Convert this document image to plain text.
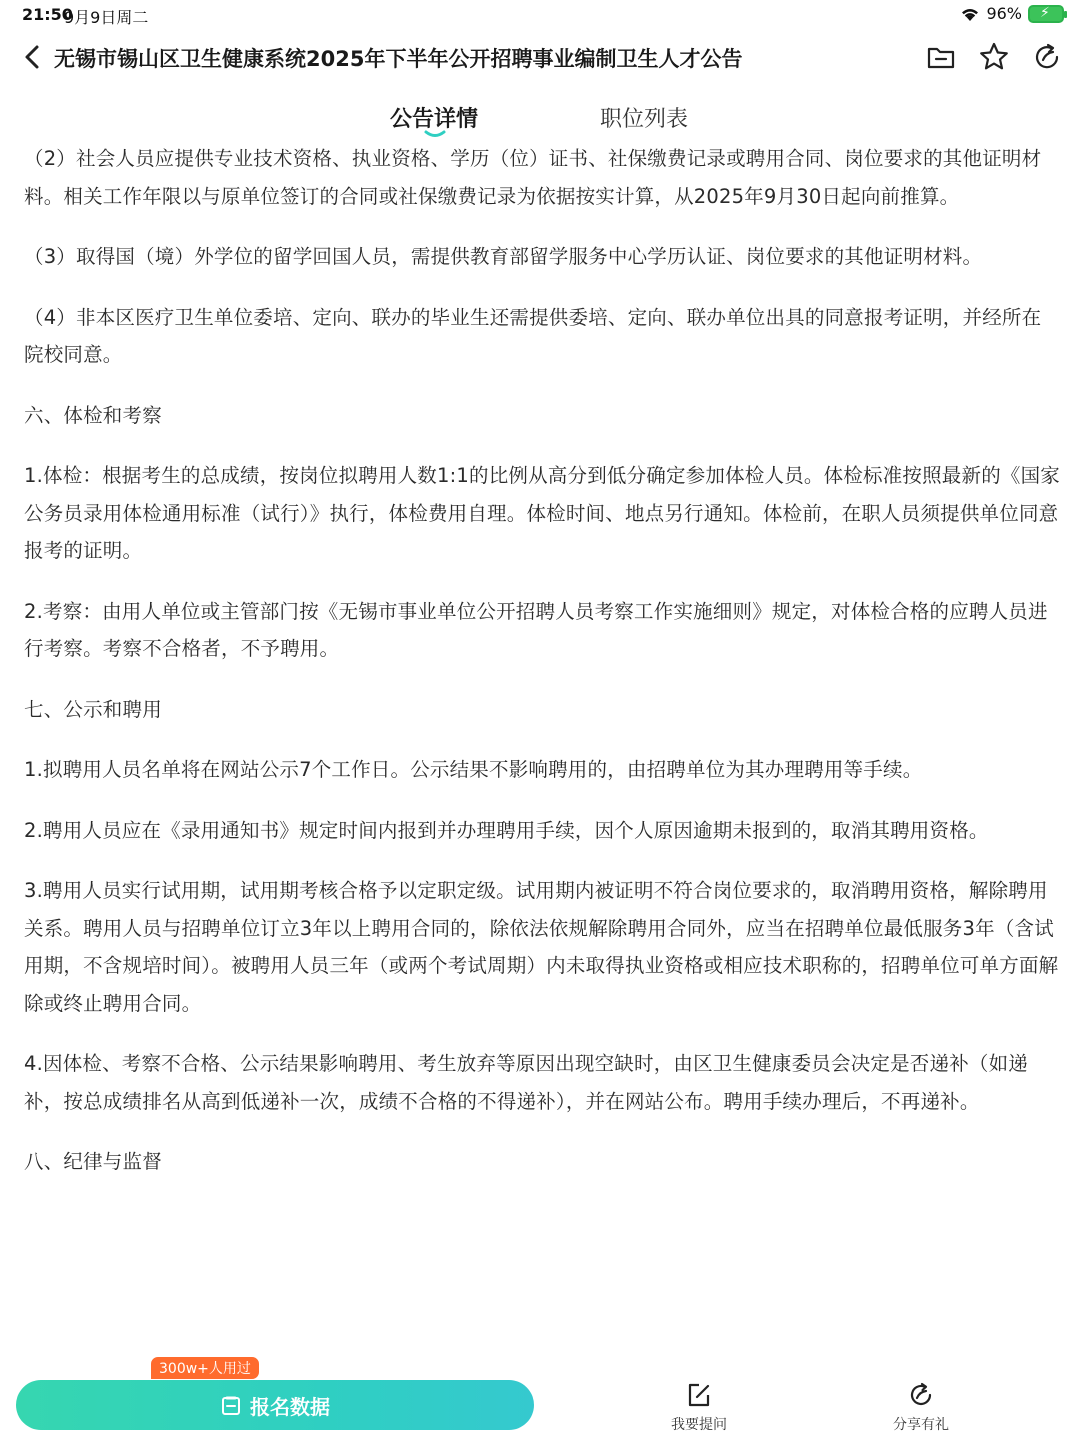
21:50
9月9日周二	96% ⚡
无锡市锡山区卫生健康系统2025年下半年公开招聘事业编制卫生人才公告
公告详情	职位列表

（2）社会人员应提供专业技术资格、执业资格、学历（位）证书、社保缴费记录或聘用合同、岗位要求的其他证明材料。相关工作年限以与原单位签订的合同或社保缴费记录为依据按实计算，从2025年9月30日起向前推算。

（3）取得国（境）外学位的留学回国人员，需提供教育部留学服务中心学历认证、岗位要求的其他证明材料。

（4）非本区医疗卫生单位委培、定向、联办的毕业生还需提供委培、定向、联办单位出具的同意报考证明，并经所在院校同意。

六、体检和考察

1.体检：根据考生的总成绩，按岗位拟聘用人数1:1的比例从高分到低分确定参加体检人员。体检标准按照最新的《国家公务员录用体检通用标准（试行）》执行，体检费用自理。体检时间、地点另行通知。体检前，在职人员须提供单位同意报考的证明。

2.考察：由用人单位或主管部门按《无锡市事业单位公开招聘人员考察工作实施细则》规定，对体检合格的应聘人员进行考察。考察不合格者，不予聘用。

七、公示和聘用

1.拟聘用人员名单将在网站公示7个工作日。公示结果不影响聘用的，由招聘单位为其办理聘用等手续。

2.聘用人员应在《录用通知书》规定时间内报到并办理聘用手续，因个人原因逾期未报到的，取消其聘用资格。

3.聘用人员实行试用期，试用期考核合格予以定职定级。试用期内被证明不符合岗位要求的，取消聘用资格，解除聘用关系。聘用人员与招聘单位订立3年以上聘用合同的，除依法依规解除聘用合同外，应当在招聘单位最低服务3年（含试用期，不含规培时间）。被聘用人员三年（或两个考试周期）内未取得执业资格或相应技术职称的，招聘单位可单方面解除或终止聘用合同。

4.因体检、考察不合格、公示结果影响聘用、考生放弃等原因出现空缺时，由区卫生健康委员会决定是否递补（如递补，按总成绩排名从高到低递补一次，成绩不合格的不得递补），并在网站公布。聘用手续办理后，不再递补。

八、纪律与监督

报名数据
300w+人用过
我要提问	分享有礼
